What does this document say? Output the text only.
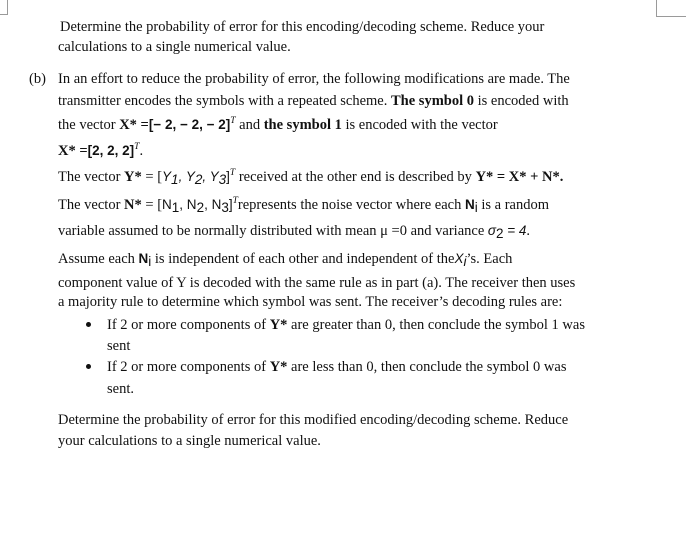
Determine the probability of error for this encoding/decoding scheme. Reduce your
calculations to a single numerical value.
(b) In an effort to reduce the probability of error, the following modifications are made. The
transmitter encodes the symbols with a repeated scheme. The symbol 0 is encoded with
the vector X* =[− 2, − 2, − 2]$^T$ and the symbol 1 is encoded with the vector
X* =[2, 2, 2]$^T$.
The vector $Y* = [Y_1$, $Y_2$, $Y_3]^T$ received at the other end is described by Y* = X* + N*.
The vector $N* = [N_1$, $N_2$, $N_3]^Trepresents$ the noise vector where each $N_i$ is a random
variable assumed to be normally distributed with mean μ =0 and variance $\sigma_2 = 4$.
Assume each $N_i$ is independent of each other and independent of theX$_i$’s. Each
component value of Y is decoded with the same rule as in part (a). The receiver then uses
a majority rule to determine which symbol was sent. The receiver’s decoding rules are:
If 2 or more components of Y* are greater than 0, then conclude the symbol 1 was
sent
If 2 or more components of Y* are less than 0, then conclude the symbol 0 was
sent.
Determine the probability of error for this modified encoding/decoding scheme. Reduce
your calculations to a single numerical value.
